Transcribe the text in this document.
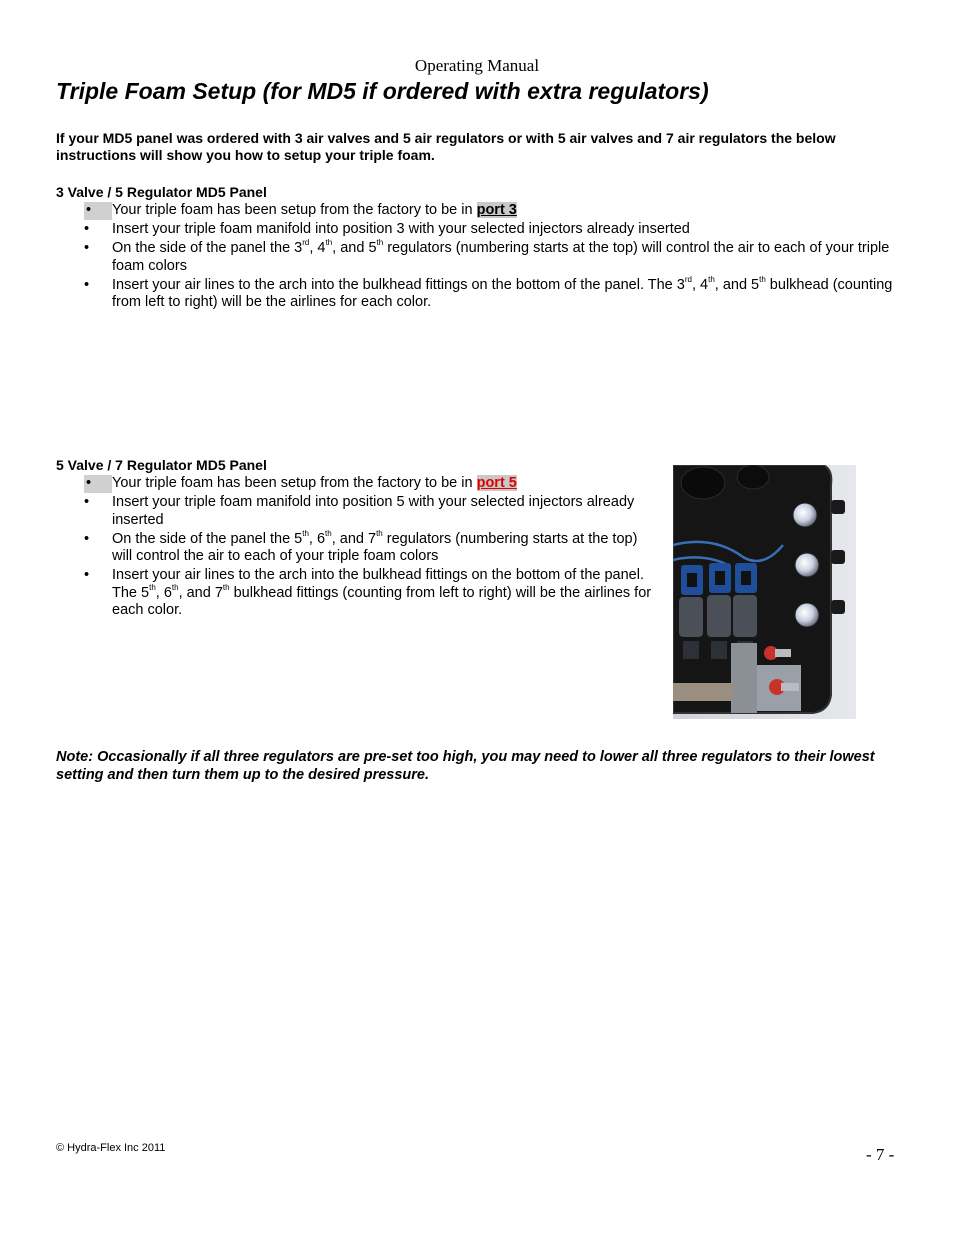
Operating Manual
Triple Foam Setup (for MD5 if ordered with extra regulators)
If your MD5 panel was ordered with 3 air valves and 5 air regulators or with 5 air valves and 7 air regulators the below instructions will show you how to setup your triple foam.
3 Valve / 5 Regulator MD5 Panel
•	Your triple foam has been setup from the factory to be in port 3
•	Insert your triple foam manifold into position 3 with your selected injectors already inserted
•	On the side of the panel the 3rd, 4th, and 5th regulators (numbering starts at the top) will control the air to each of your triple foam colors
•	Insert your air lines to the arch into the bulkhead fittings on the bottom of the panel. The 3rd, 4th, and 5th bulkhead (counting from left to right) will be the airlines for each color.
5 Valve / 7 Regulator MD5 Panel
•	Your triple foam has been setup from the factory to be in port 5
•	Insert your triple foam manifold into position 5 with your selected injectors already inserted
•	On the side of the panel the 5th, 6th, and 7th regulators (numbering starts at the top) will control the air to each of your triple foam colors
•	Insert your air lines to the arch into the bulkhead fittings on the bottom of the panel. The 5th, 6th, and 7th bulkhead fittings (counting from left to right) will be the airlines for each color.
Note: Occasionally if all three regulators are pre-set too high, you may need to lower all three regulators to their lowest setting and then turn them up to the desired pressure.
© Hydra-Flex Inc 2011	- 7 -
